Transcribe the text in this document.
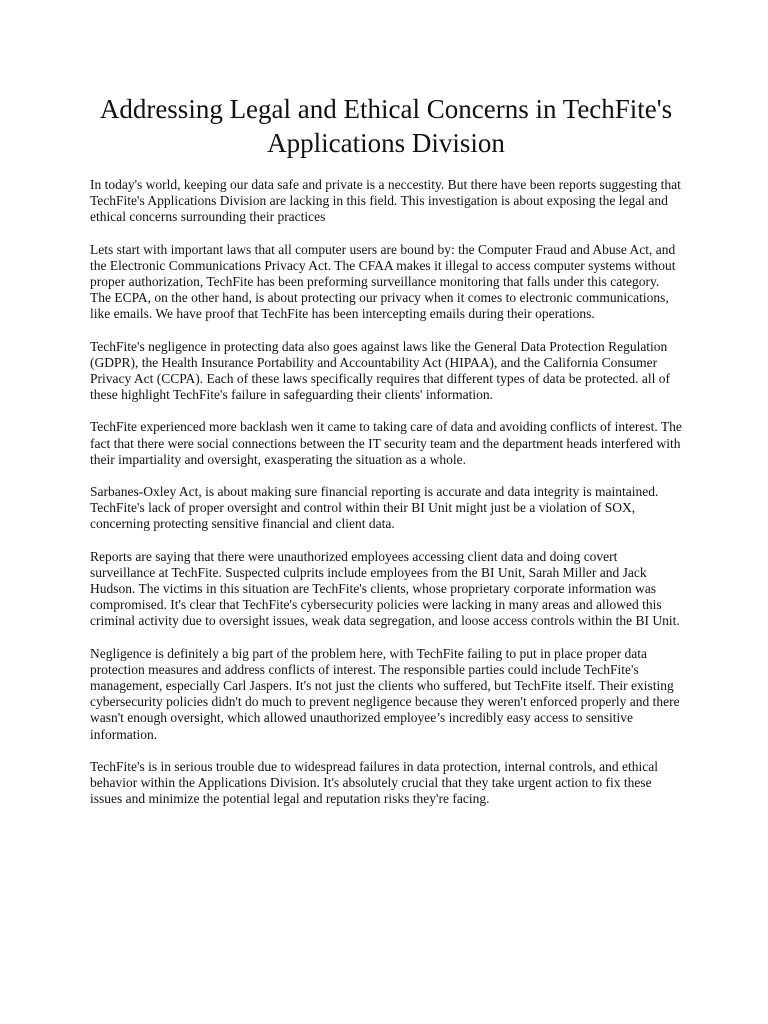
Addressing Legal and Ethical Concerns in TechFite's Applications Division

In today's world, keeping our data safe and private is a neccestity. But there have been reports suggesting that TechFite's Applications Division are lacking in this field. This investigation is about exposing the legal and ethical concerns surrounding their practices

Lets start with important laws that all computer users are bound by: the Computer Fraud and Abuse Act, and the Electronic Communications Privacy Act. The CFAA makes it illegal to access computer systems without proper authorization, TechFite has been preforming surveillance monitoring that falls under this category. The ECPA, on the other hand, is about protecting our privacy when it comes to electronic communications, like emails. We have proof that TechFite has been intercepting emails during their operations.

TechFite's negligence in protecting data also goes against laws like the General Data Protection Regulation (GDPR), the Health Insurance Portability and Accountability Act (HIPAA), and the California Consumer Privacy Act (CCPA). Each of these laws specifically requires that different types of data be protected. all of these highlight TechFite's failure in safeguarding their clients' information.

TechFite experienced more backlash wen it came to taking care of data and avoiding conflicts of interest. The fact that there were social connections between the IT security team and the department heads interfered with their impartiality and oversight, exasperating the situation as a whole.

Sarbanes-Oxley Act, is about making sure financial reporting is accurate and data integrity is maintained. TechFite's lack of proper oversight and control within their BI Unit might just be a violation of SOX, concerning protecting sensitive financial and client data.

Reports are saying that there were unauthorized employees accessing client data and doing covert surveillance at TechFite. Suspected culprits include employees from the BI Unit, Sarah Miller and Jack Hudson. The victims in this situation are TechFite's clients, whose proprietary corporate information was compromised. It's clear that TechFite's cybersecurity policies were lacking in many areas and allowed this criminal activity due to oversight issues, weak data segregation, and loose access controls within the BI Unit.

Negligence is definitely a big part of the problem here, with TechFite failing to put in place proper data protection measures and address conflicts of interest. The responsible parties could include TechFite's management, especially Carl Jaspers. It's not just the clients who suffered, but TechFite itself. Their existing cybersecurity policies didn't do much to prevent negligence because they weren't enforced properly and there wasn't enough oversight, which allowed unauthorized employee’s incredibly easy access to sensitive information.

TechFite's is in serious trouble due to widespread failures in data protection, internal controls, and ethical behavior within the Applications Division. It's absolutely crucial that they take urgent action to fix these issues and minimize the potential legal and reputation risks they're facing.
